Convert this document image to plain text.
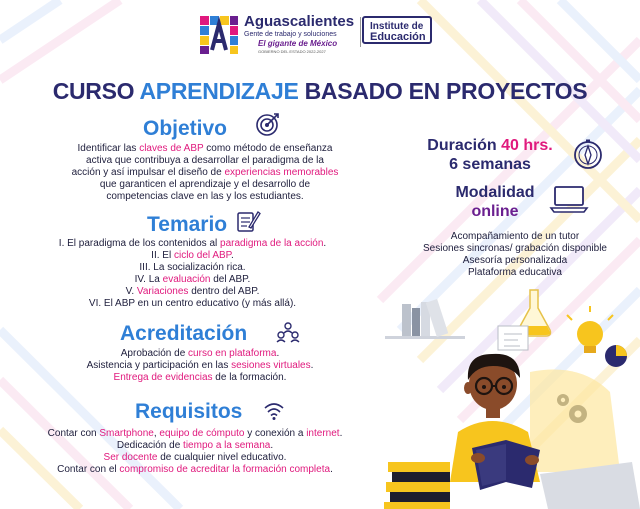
Aguascalientes
Gente de trabajo y soluciones
El gigante de México
GOBIERNO DEL ESTADO 2022-2027
Institute de
Educación
CURSO APRENDIZAJE BASADO EN PROYECTOS
Objetivo
Identificar las claves de ABP como método de enseñanza
activa que contribuya a desarrollar el paradigma de la
acción y así impulsar el diseño de experiencias memorables
que garanticen el aprendizaje y el desarrollo de
competencias clave en las y los estudiantes.
Temario
I. El paradigma de los contenidos al paradigma de la acción.
II. El ciclo del ABP.
III. La socialización rica.
IV. La evaluación del ABP.
V. Variaciones dentro del ABP.
VI. El ABP en un centro educativo (y más allá).
Acreditación
Aprobación de curso en plataforma.
Asistencia y participación en las sesiones virtuales.
Entrega de evidencias de la formación.
Requisitos
Contar con Smartphone, equipo de cómputo y conexión a internet.
Dedicación de tiempo a la semana.
Ser docente de cualquier nivel educativo.
Contar con el compromiso de acreditar la formación completa.
Duración 40 hrs.
6 semanas
Modalidad
online
Acompañamiento de un tutor
Sesiones sincronas/ grabación disponible
Asesoría personalizada
Plataforma educativa
